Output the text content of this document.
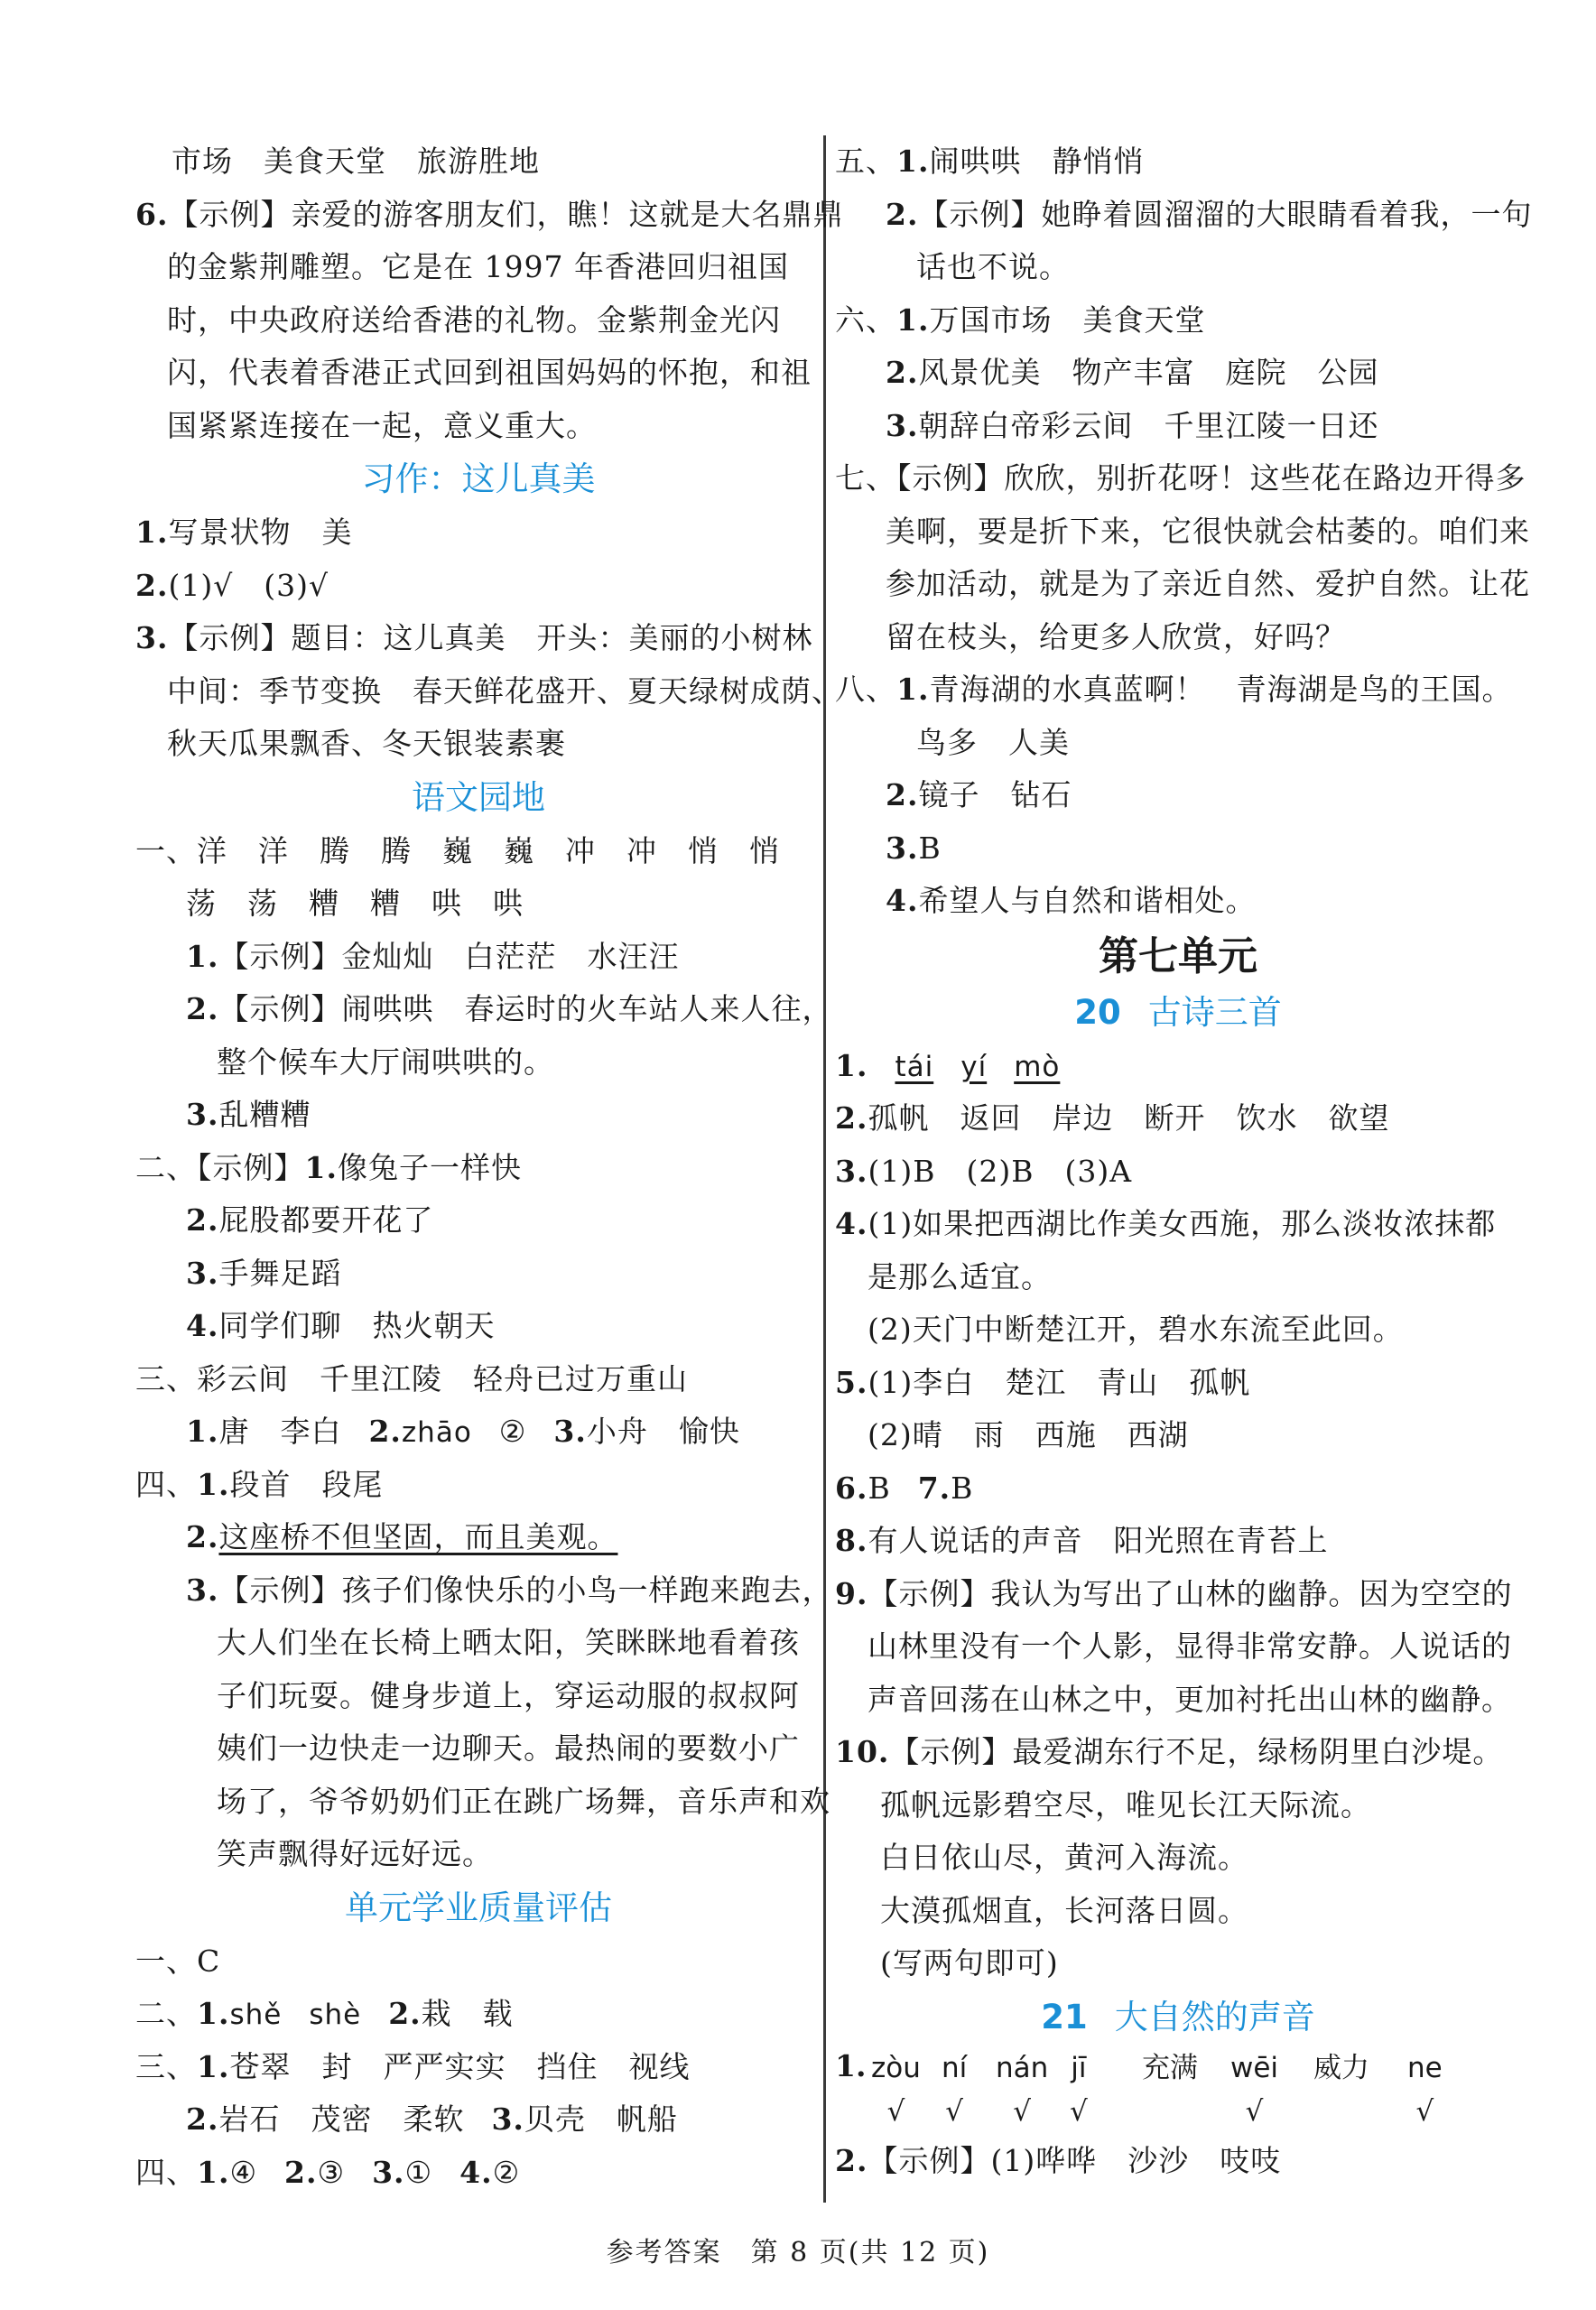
市场　美食天堂　旅游胜地
6.【示例】亲爱的游客朋友们，瞧！这就是大名鼎鼎
的金紫荆雕塑。它是在 1997 年香港回归祖国
时，中央政府送给香港的礼物。金紫荆金光闪
闪，代表着香港正式回到祖国妈妈的怀抱，和祖
国紧紧连接在一起，意义重大。
习作：这儿真美
1.写景状物　美
2.(1)√　(3)√
3.【示例】题目：这儿真美　开头：美丽的小树林
中间：季节变换　春天鲜花盛开、夏天绿树成荫、
秋天瓜果飘香、冬天银装素裹
语文园地
一、洋　洋　腾　腾　巍　巍　冲　冲　悄　悄
荡　荡　糟　糟　哄　哄
1.【示例】金灿灿　白茫茫　水汪汪
2.【示例】闹哄哄　春运时的火车站人来人往，
整个候车大厅闹哄哄的。
3.乱糟糟
二、【示例】1.像兔子一样快
2.屁股都要开花了
3.手舞足蹈
4.同学们聊　热火朝天
三、彩云间　千里江陵　轻舟已过万重山
1.唐　李白 2.zhāo ② 3.小舟　愉快
四、1.段首　段尾
2.这座桥不但坚固，而且美观。
3.【示例】孩子们像快乐的小鸟一样跑来跑去，
大人们坐在长椅上晒太阳，笑眯眯地看着孩
子们玩耍。健身步道上，穿运动服的叔叔阿
姨们一边快走一边聊天。最热闹的要数小广
场了，爷爷奶奶们正在跳广场舞，音乐声和欢
笑声飘得好远好远。
单元学业质量评估
一、C
二、1.shě shè 2.栽　载
三、1.苍翠　封　严严实实　挡住　视线
2.岩石　茂密　柔软 3.贝壳　帆船
四、1.④ 2.③ 3.① 4.②
五、1.闹哄哄　静悄悄
2.【示例】她睁着圆溜溜的大眼睛看着我，一句
话也不说。
六、1.万国市场　美食天堂
2.风景优美　物产丰富　庭院　公园
3.朝辞白帝彩云间　千里江陵一日还
七、【示例】欣欣，别折花呀！这些花在路边开得多
美啊，要是折下来，它很快就会枯萎的。咱们来
参加活动，就是为了亲近自然、爱护自然。让花
留在枝头，给更多人欣赏，好吗？
八、1.青海湖的水真蓝啊！　青海湖是鸟的王国。
鸟多　人美
2.镜子　钻石
3.B
4.希望人与自然和谐相处。
第七单元
20 古诗三首
1. tái yí mò
2.孤帆　返回　岸边　断开　饮水　欲望
3.(1)B　(2)B　(3)A
4.(1)如果把西湖比作美女西施，那么淡妆浓抹都
是那么适宜。
(2)天门中断楚江开，碧水东流至此回。
5.(1)李白　楚江　青山　孤帆
(2)晴　雨　西施　西湖
6.B 7.B
8.有人说话的声音　阳光照在青苔上
9.【示例】我认为写出了山林的幽静。因为空空的
山林里没有一个人影，显得非常安静。人说话的
声音回荡在山林之中，更加衬托出山林的幽静。
10.【示例】最爱湖东行不足，绿杨阴里白沙堤。
孤帆远影碧空尽，唯见长江天际流。
白日依山尽，黄河入海流。
大漠孤烟直，长河落日圆。
(写两句即可)
21 大自然的声音
1. zòu
√
ní
√
nán
√
jī
√
充满 wēi
√
威力 ne
√
2.【示例】(1)哗哗　沙沙　吱吱
参考答案　第 8 页(共 12 页)
